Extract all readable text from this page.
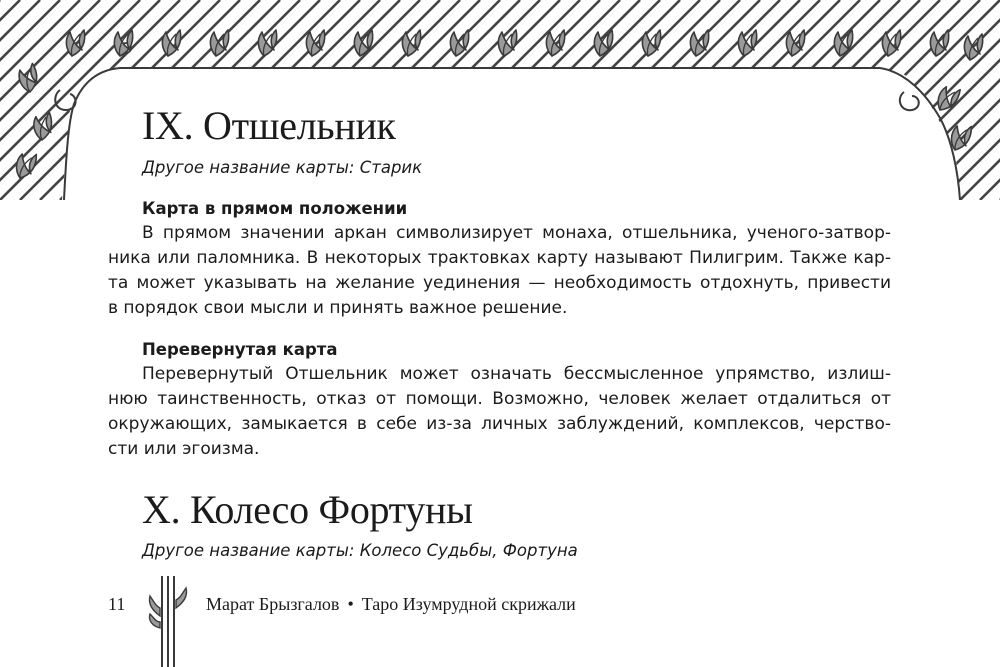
IX. Отшельник

Другое название карты: Старик

Карта в прямом положении

В прямом значении аркан символизирует монаха, отшельника, ученого-затвор-
ника или паломника. В некоторых трактовках карту называют Пилигрим. Также кар-
та может указывать на желание уединения — необходимость отдохнуть, привести
в порядок свои мысли и принять важное решение.

Перевернутая карта

Перевернутый Отшельник может означать бессмысленное упрямство, излиш-
нюю таинственность, отказ от помощи. Возможно, человек желает отдалиться от
окружающих, замыкается в себе из-за личных заблуждений, комплексов, черство-
сти или эгоизма.
X. Колесо Фортуны

Другое название карты: Колесо Судьбы, Фортуна

11	Марат Брызгалов • Таро Изумрудной скрижали
